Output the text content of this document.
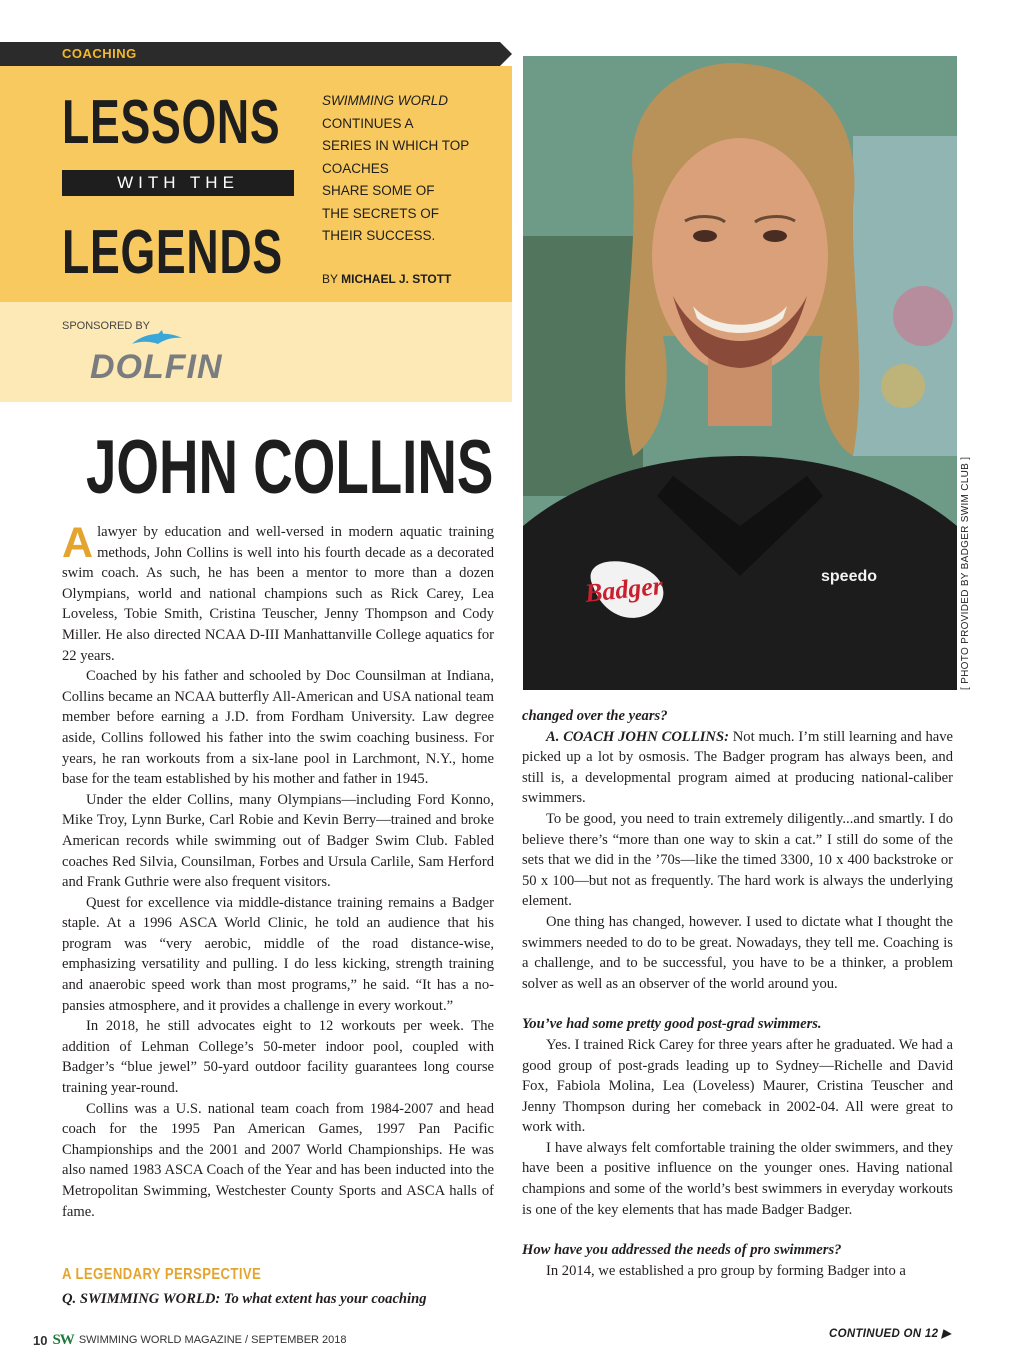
COACHING
LESSONS
WITH THE
LEGENDS
SWIMMING WORLD
CONTINUES A
SERIES IN WHICH TOP
COACHES
SHARE SOME OF
THE SECRETS OF
THEIR SUCCESS.
BY MICHAEL J. STOTT
SPONSORED BY
DOLFIN
Badger	speedo	[ PHOTO PROVIDED BY BADGER SWIM CLUB ]
JOHN COLLINS

Alawyer by education and well-versed in modern aquatic training methods, John Collins is well into his fourth decade as a decorated swim coach. As such, he has been a mentor to more than a dozen Olympians, world and national champions such as Rick Carey, Lea Loveless, Tobie Smith, Cristina Teuscher, Jenny Thompson and Cody Miller. He also directed NCAA D-III Manhattanville College aquatics for 22 years.

Coached by his father and schooled by Doc Counsilman at Indiana, Collins became an NCAA butterfly All-American and USA national team member before earning a J.D. from Fordham University. Law degree aside, Collins followed his father into the swim coaching business. For years, he ran workouts from a six-lane pool in Larchmont, N.Y., home base for the team established by his mother and father in 1945.

Under the elder Collins, many Olympians—including Ford Konno, Mike Troy, Lynn Burke, Carl Robie and Kevin Berry—trained and broke American records while swimming out of Badger Swim Club. Fabled coaches Red Silvia, Counsilman, Forbes and Ursula Carlile, Sam Herford and Frank Guthrie were also frequent visitors.

Quest for excellence via middle-distance training remains a Badger staple. At a 1996 ASCA World Clinic, he told an audience that his program was “very aerobic, middle of the road distance-wise, emphasizing versatility and pulling. I do less kicking, strength training and anaerobic speed work than most programs,” he said. “It has a no-pansies atmosphere, and it provides a challenge in every workout.”

In 2018, he still advocates eight to 12 workouts per week. The addition of Lehman College’s 50-meter indoor pool, coupled with Badger’s “blue jewel” 50-yard outdoor facility guarantees long course training year-round.

Collins was a U.S. national team coach from 1984-2007 and head coach for the 1995 Pan American Games, 1997 Pan Pacific Championships and the 2001 and 2007 World Championships. He was also named 1983 ASCA Coach of the Year and has been inducted into the Metropolitan Swimming, Westchester County Sports and ASCA halls of fame.

A LEGENDARY PERSPECTIVE
Q. SWIMMING WORLD: To what extent has your coaching

changed over the years?

A. COACH JOHN COLLINS: Not much. I’m still learning and have picked up a lot by osmosis. The Badger program has always been, and still is, a developmental program aimed at producing national-caliber swimmers.

To be good, you need to train extremely diligently...and smartly. I do believe there’s “more than one way to skin a cat.” I still do some of the sets that we did in the ’70s—like the timed 3300, 10 x 400 backstroke or 50 x 100—but not as frequently. The hard work is always the underlying element.

One thing has changed, however. I used to dictate what I thought the swimmers needed to do to be great. Nowadays, they tell me. Coaching is a challenge, and to be successful, you have to be a thinker, a problem solver as well as an observer of the world around you.

You’ve had some pretty good post-grad swimmers.

Yes. I trained Rick Carey for three years after he graduated. We had a good group of post-grads leading up to Sydney—Richelle and David Fox, Fabiola Molina, Lea (Loveless) Maurer, Cristina Teuscher and Jenny Thompson during her comeback in 2002-04. All were great to work with.

I have always felt comfortable training the older swimmers, and they have been a positive influence on the younger ones. Having national champions and some of the world’s best swimmers in everyday workouts is one of the key elements that has made Badger Badger.

How have you addressed the needs of pro swimmers?

In 2014, we established a pro group by forming Badger into a

CONTINUED ON 12 ▶
10 SW SWIMMING WORLD MAGAZINE / SEPTEMBER 2018
